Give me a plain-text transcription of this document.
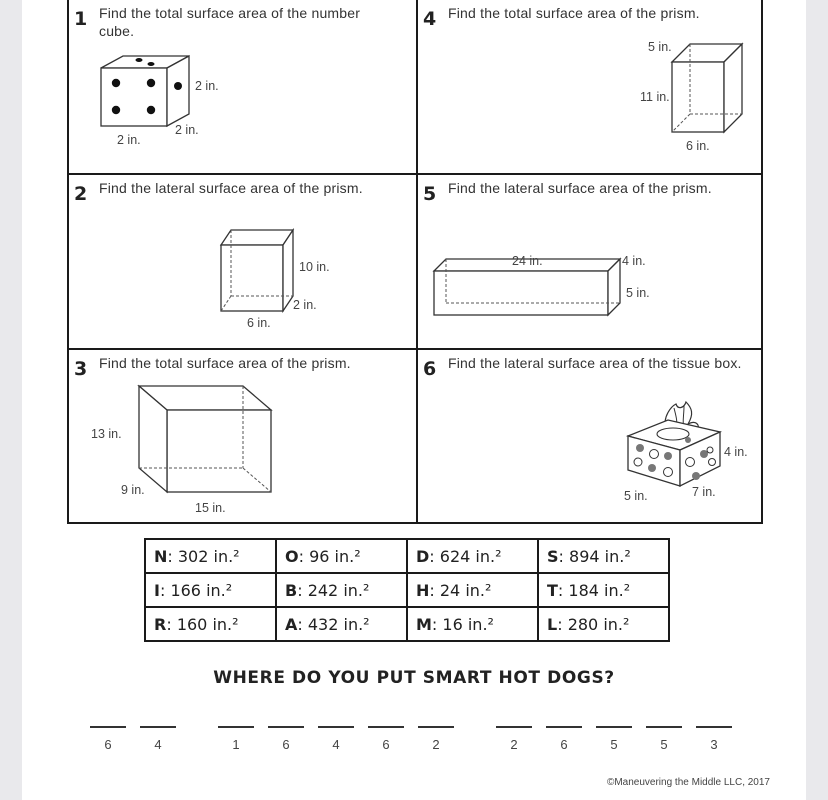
1 Find the total surface area of the number cube.
2 in.
2 in.
2 in.
4 Find the total surface area of the prism.
5 in.
11 in.
6 in.
2 Find the lateral surface area of the prism.
10 in.
2 in.
6 in.
5 Find the lateral surface area of the prism.
4 in.
5 in.
24 in.
3 Find the total surface area of the prism.
13 in.
9 in.
15 in.
6 Find the lateral surface area of the tissue box.
4 in.
7 in.
5 in.
N: 302 in.²	O: 96 in.²	D: 624 in.²	S: 894 in.²
I: 166 in.²	B: 242 in.²	H: 24 in.²	T: 184 in.²
R: 160 in.²	A: 432 in.²	M: 16 in.²	L: 280 in.²
WHERE DO YOU PUT SMART HOT DOGS?
6	4	1	6	4	6	2	2	6	5	5	3
©Maneuvering the Middle LLC, 2017
